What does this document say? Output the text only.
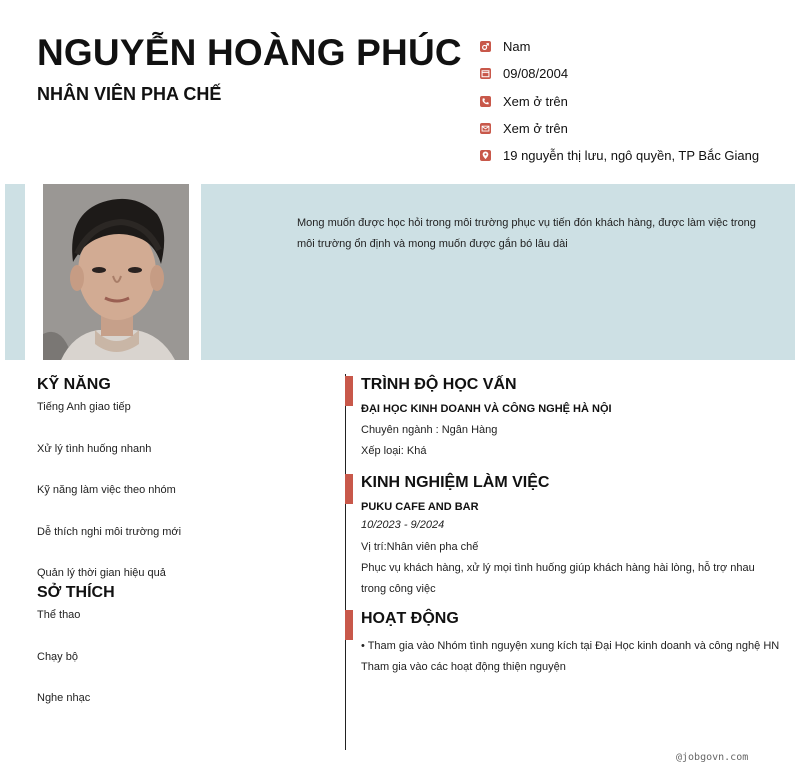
NGUYỄN HOÀNG PHÚC
NHÂN VIÊN PHA CHẾ
Nam
09/08/2004
Xem ở trên
Xem ở trên
19 nguyễn thị lưu, ngô quyền, TP Bắc Giang
Mong muốn được học hỏi trong môi trường phục vụ tiến đón khách hàng, được làm việc trong môi trường ổn định và mong muốn được gắn bó lâu dài
KỸ NĂNG
Tiếng Anh giao tiếp
Xử lý tình huống nhanh
Kỹ năng làm việc theo nhóm
Dễ thích nghi môi trường mới
Quản lý thời gian hiệu quả
SỞ THÍCH
Thể thao
Chạy bộ
Nghe nhạc
TRÌNH ĐỘ HỌC VẤN
ĐẠI HỌC KINH DOANH VÀ CÔNG NGHỆ HÀ NỘI
Chuyên ngành : Ngân Hàng
Xếp loại: Khá
KINH NGHIỆM LÀM VIỆC
PUKU CAFE AND BAR
10/2023 - 9/2024
Vị trí:Nhân viên pha chế
Phục vụ khách hàng, xử lý mọi tình huống giúp khách hàng hài lòng, hỗ trợ nhau trong công việc
HOẠT ĐỘNG
• Tham gia vào Nhóm tình nguyện xung kích tại Đại Học kinh doanh và công nghệ HN
Tham gia vào các hoạt động thiện nguyện
@jobgovn.com
